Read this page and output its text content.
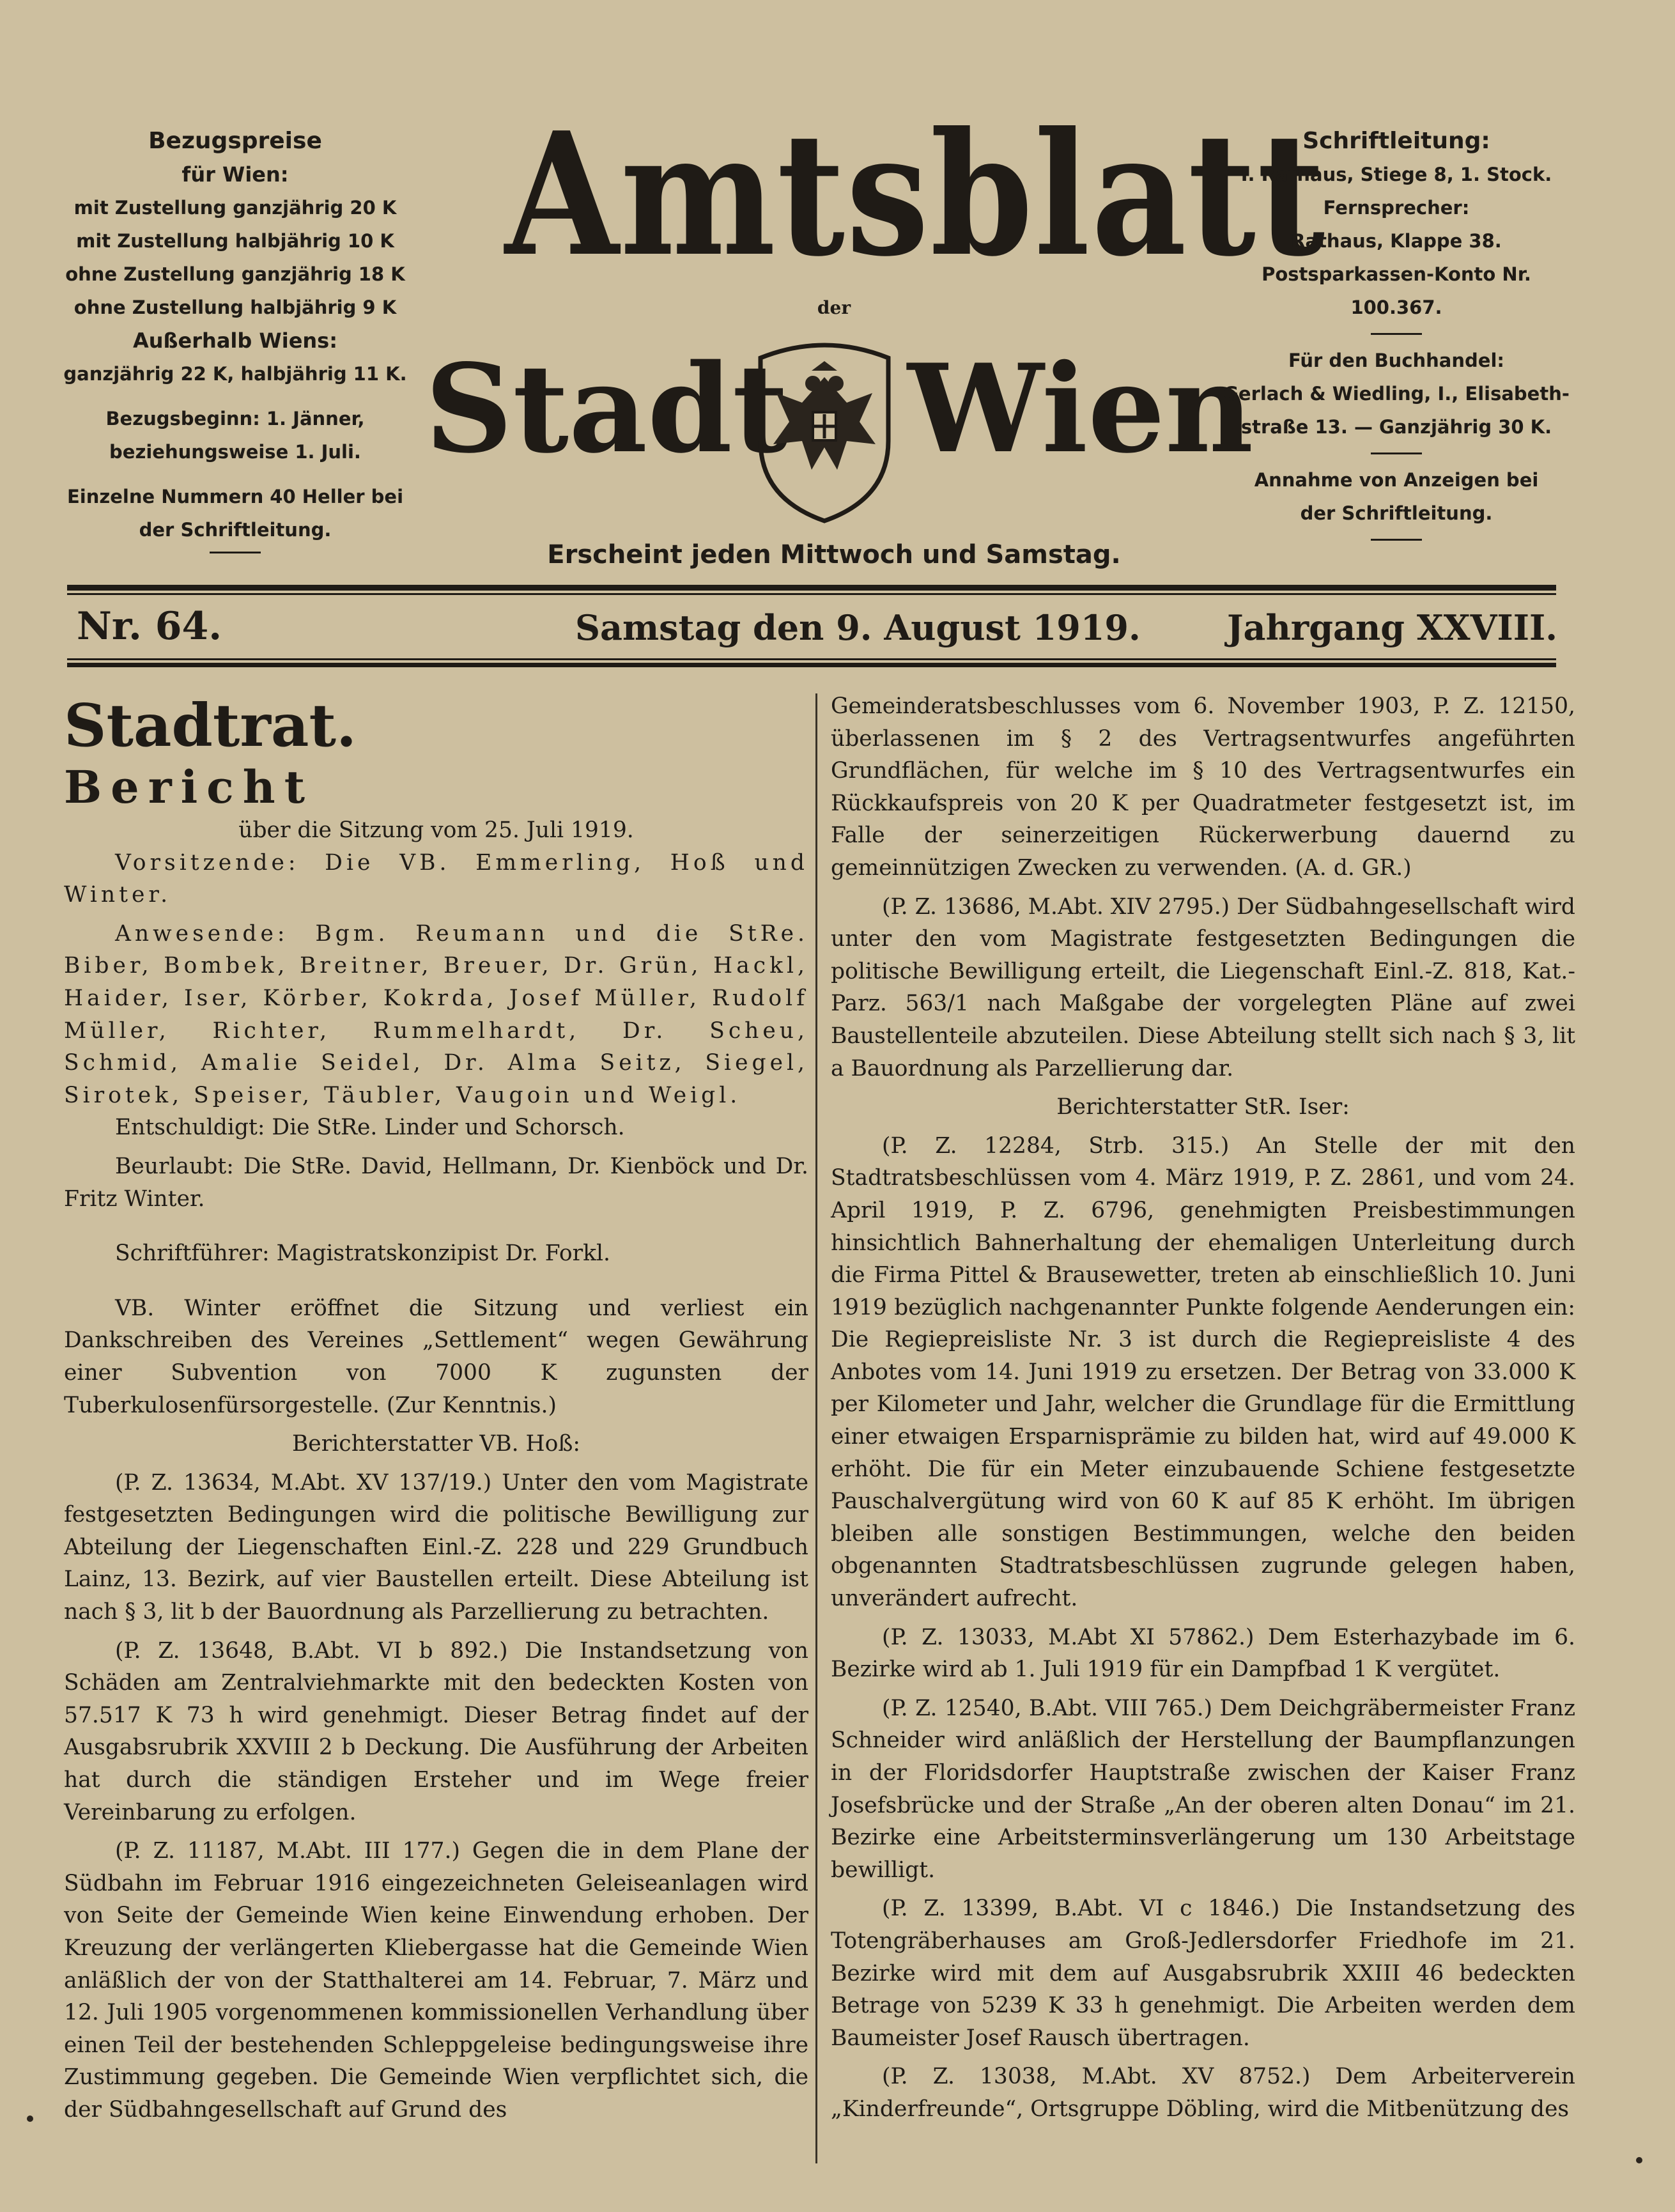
Bezugspreise
für Wien:
mit Zustellung ganzjährig 20 K
mit Zustellung halbjährig 10 K
ohne Zustellung ganzjährig 18 K
ohne Zustellung halbjährig 9 K
Außerhalb Wiens:
ganzjährig 22 K, halbjährig 11 K.
Bezugsbeginn: 1. Jänner,
beziehungsweise 1. Juli.
Einzelne Nummern 40 Heller bei
der Schriftleitung.
Amtsblatt
der
Stadt Wien
Erscheint jeden Mittwoch und Samstag.
Schriftleitung:
I. Rathaus, Stiege 8, 1. Stock.
Fernsprecher:
Rathaus, Klappe 38.
Postsparkassen-Konto Nr. 100.367.
Für den Buchhandel:
Gerlach & Wiedling, I., Elisabeth-
straße 13. — Ganzjährig 30 K.
Annahme von Anzeigen bei
der Schriftleitung.
Nr. 64.	Samstag den 9. August 1919.	Jahrgang XXVIII.

Stadtrat.

Bericht

über die Sitzung vom 25. Juli 1919.

Vorsitzende: Die VB. Emmerling, Hoß und Winter.

Anwesende: Bgm. Reumann und die StRe. Biber, Bombek, Breitner, Breuer, Dr. Grün, Hackl, Haider, Iser, Körber, Kokrda, Josef Müller, Rudolf Müller, Richter, Rummelhardt, Dr. Scheu, Schmid, Amalie Seidel, Dr. Alma Seitz, Siegel, Sirotek, Speiser, Täubler, Vaugoin und Weigl.

Entschuldigt: Die StRe. Linder und Schorsch.

Beurlaubt: Die StRe. David, Hellmann, Dr. Kienböck und Dr. Fritz Winter.

Schriftführer: Magistratskonzipist Dr. Forkl.

VB. Winter eröffnet die Sitzung und verliest ein Dankschreiben des Vereines „Settlement“ wegen Gewährung einer Subvention von 7000 K zugunsten der Tuberkulosenfürsorgestelle. (Zur Kenntnis.)

Berichterstatter VB. Hoß:

(P. Z. 13634, M.Abt. XV 137/19.) Unter den vom Magistrate festgesetzten Bedingungen wird die politische Bewilligung zur Abteilung der Liegenschaften Einl.-Z. 228 und 229 Grundbuch Lainz, 13. Bezirk, auf vier Baustellen erteilt. Diese Abteilung ist nach § 3, lit b der Bauordnung als Parzellierung zu betrachten.

(P. Z. 13648, B.Abt. VI b 892.) Die Instandsetzung von Schäden am Zentralviehmarkte mit den bedeckten Kosten von 57.517 K 73 h wird genehmigt. Dieser Betrag findet auf der Ausgabsrubrik XXVIII 2 b Deckung. Die Ausführung der Arbeiten hat durch die ständigen Ersteher und im Wege freier Vereinbarung zu erfolgen.

(P. Z. 11187, M.Abt. III 177.) Gegen die in dem Plane der Südbahn im Februar 1916 eingezeichneten Geleiseanlagen wird von Seite der Gemeinde Wien keine Einwendung erhoben. Der Kreuzung der verlängerten Kliebergasse hat die Gemeinde Wien anläßlich der von der Statthalterei am 14. Februar, 7. März und 12. Juli 1905 vorgenommenen kommissionellen Verhandlung über einen Teil der bestehenden Schleppgeleise bedingungsweise ihre Zustimmung gegeben. Die Gemeinde Wien verpflichtet sich, die der Südbahngesellschaft auf Grund des

Gemeinderatsbeschlusses vom 6. November 1903, P. Z. 12150, überlassenen im § 2 des Vertragsentwurfes angeführten Grundflächen, für welche im § 10 des Vertragsentwurfes ein Rückkaufspreis von 20 K per Quadratmeter festgesetzt ist, im Falle der seinerzeitigen Rückerwerbung dauernd zu gemeinnützigen Zwecken zu verwenden. (A. d. GR.)

(P. Z. 13686, M.Abt. XIV 2795.) Der Südbahngesellschaft wird unter den vom Magistrate festgesetzten Bedingungen die politische Bewilligung erteilt, die Liegenschaft Einl.-Z. 818, Kat.-Parz. 563/1 nach Maßgabe der vorgelegten Pläne auf zwei Baustellenteile abzuteilen. Diese Abteilung stellt sich nach § 3, lit a Bauordnung als Parzellierung dar.

Berichterstatter StR. Iser:

(P. Z. 12284, Strb. 315.) An Stelle der mit den Stadtratsbeschlüssen vom 4. März 1919, P. Z. 2861, und vom 24. April 1919, P. Z. 6796, genehmigten Preisbestimmungen hinsichtlich Bahnerhaltung der ehemaligen Unterleitung durch die Firma Pittel & Brausewetter, treten ab einschließlich 10. Juni 1919 bezüglich nachgenannter Punkte folgende Aenderungen ein: Die Regiepreisliste Nr. 3 ist durch die Regiepreisliste 4 des Anbotes vom 14. Juni 1919 zu ersetzen. Der Betrag von 33.000 K per Kilometer und Jahr, welcher die Grundlage für die Ermittlung einer etwaigen Ersparnisprämie zu bilden hat, wird auf 49.000 K erhöht. Die für ein Meter einzubauende Schiene festgesetzte Pauschalvergütung wird von 60 K auf 85 K erhöht. Im übrigen bleiben alle sonstigen Bestimmungen, welche den beiden obgenannten Stadtratsbeschlüssen zugrunde gelegen haben, unverändert aufrecht.

(P. Z. 13033, M.Abt XI 57862.) Dem Esterhazybade im 6. Bezirke wird ab 1. Juli 1919 für ein Dampfbad 1 K vergütet.

(P. Z. 12540, B.Abt. VIII 765.) Dem Deichgräbermeister Franz Schneider wird anläßlich der Herstellung der Baumpflanzungen in der Floridsdorfer Hauptstraße zwischen der Kaiser Franz Josefsbrücke und der Straße „An der oberen alten Donau“ im 21. Bezirke eine Arbeitsterminsverlängerung um 130 Arbeitstage bewilligt.

(P. Z. 13399, B.Abt. VI c 1846.) Die Instandsetzung des Totengräberhauses am Groß-Jedlersdorfer Friedhofe im 21. Bezirke wird mit dem auf Ausgabsrubrik XXIII 46 bedeckten Betrage von 5239 K 33 h genehmigt. Die Arbeiten werden dem Baumeister Josef Rausch übertragen.

(P. Z. 13038, M.Abt. XV 8752.) Dem Arbeiterverein „Kinderfreunde“, Ortsgruppe Döbling, wird die Mitbenützung des
